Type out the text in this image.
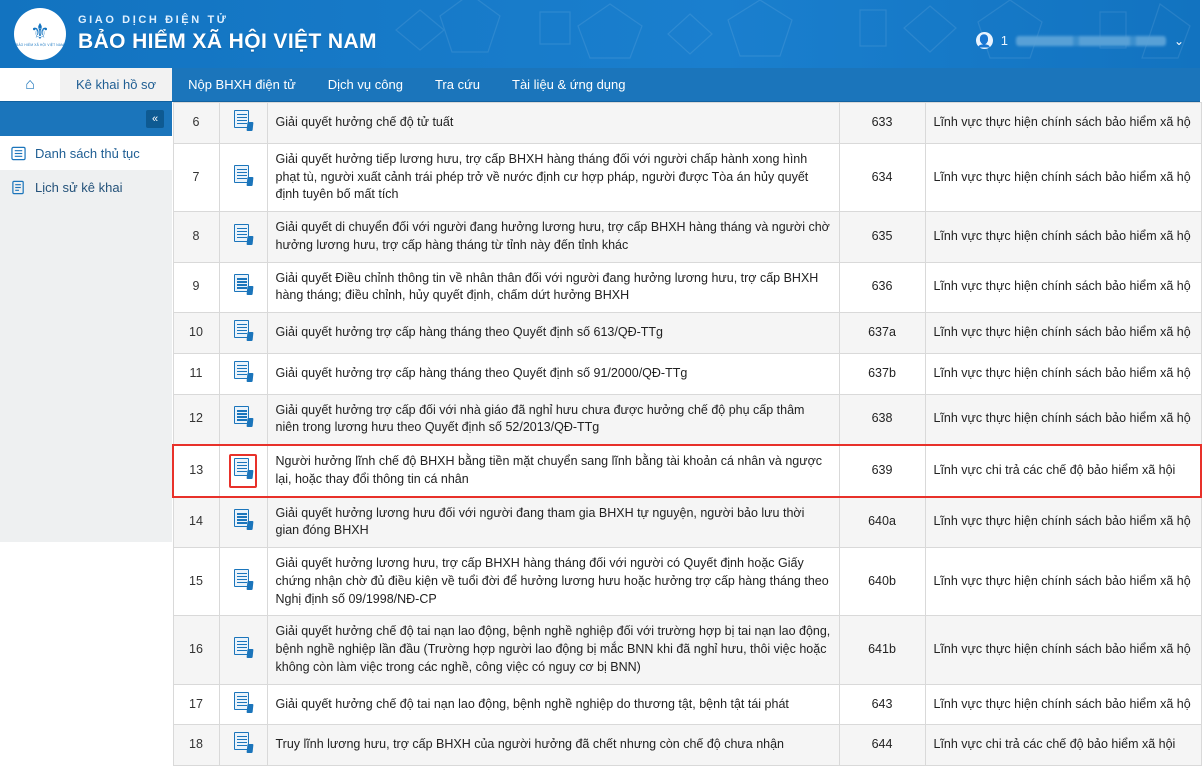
⚜
BẢO HIỂM XÃ HỘI VIỆT NAM
GIAO DỊCH ĐIỆN TỬ
BẢO HIỂM XÃ HỘI VIỆT NAM	👤 1	⌄
⌂	Kê khai hồ sơ Nộp BHXH điện tử Dịch vụ công Tra cứu Tài liệu & ứng dụng
«
Danh sách thủ tục
Lịch sử kê khai
6		Giải quyết hưởng chế độ tử tuất	633	Lĩnh vực thực hiện chính sách bảo hiểm xã hộ
7		Giải quyết hưởng tiếp lương hưu, trợ cấp BHXH hàng tháng đối với người chấp hành xong hình phạt tù, người xuất cảnh trái phép trở về nước định cư hợp pháp, người được Tòa án hủy quyết định tuyên bố mất tích	634	Lĩnh vực thực hiện chính sách bảo hiểm xã hộ
8		Giải quyết di chuyển đối với người đang hưởng lương hưu, trợ cấp BHXH hàng tháng và người chờ hưởng lương hưu, trợ cấp hàng tháng từ tỉnh này đến tỉnh khác	635	Lĩnh vực thực hiện chính sách bảo hiểm xã hộ
9		Giải quyết Điều chỉnh thông tin về nhân thân đối với người đang hưởng lương hưu, trợ cấp BHXH hàng tháng; điều chỉnh, hủy quyết định, chấm dứt hưởng BHXH	636	Lĩnh vực thực hiện chính sách bảo hiểm xã hộ
10		Giải quyết hưởng trợ cấp hàng tháng theo Quyết định số 613/QĐ-TTg	637a	Lĩnh vực thực hiện chính sách bảo hiểm xã hộ
11		Giải quyết hưởng trợ cấp hàng tháng theo Quyết định số 91/2000/QĐ-TTg	637b	Lĩnh vực thực hiện chính sách bảo hiểm xã hộ
12		Giải quyết hưởng trợ cấp đối với nhà giáo đã nghỉ hưu chưa được hưởng chế độ phụ cấp thâm niên trong lương hưu theo Quyết định số 52/2013/QĐ-TTg	638	Lĩnh vực thực hiện chính sách bảo hiểm xã hộ
13		Người hưởng lĩnh chế độ BHXH bằng tiền mặt chuyển sang lĩnh bằng tài khoản cá nhân và ngược lại, hoặc thay đổi thông tin cá nhân	639	Lĩnh vực chi trả các chế độ bảo hiểm xã hội
14		Giải quyết hưởng lương hưu đối với người đang tham gia BHXH tự nguyện, người bảo lưu thời gian đóng BHXH	640a	Lĩnh vực thực hiện chính sách bảo hiểm xã hộ
15		Giải quyết hưởng lương hưu, trợ cấp BHXH hàng tháng đối với người có Quyết định hoặc Giấy chứng nhận chờ đủ điều kiện về tuổi đời để hưởng lương hưu hoặc hưởng trợ cấp hàng tháng theo Nghị định số 09/1998/NĐ-CP	640b	Lĩnh vực thực hiện chính sách bảo hiểm xã hộ
16		Giải quyết hưởng chế độ tai nạn lao động, bệnh nghề nghiệp đối với trường hợp bị tai nạn lao động, bệnh nghề nghiệp lần đầu (Trường hợp người lao động bị mắc BNN khi đã nghỉ hưu, thôi việc hoặc không còn làm việc trong các nghề, công việc có nguy cơ bị BNN)	641b	Lĩnh vực thực hiện chính sách bảo hiểm xã hộ
17		Giải quyết hưởng chế độ tai nạn lao động, bệnh nghề nghiệp do thương tật, bệnh tật tái phát	643	Lĩnh vực thực hiện chính sách bảo hiểm xã hộ
18		Truy lĩnh lương hưu, trợ cấp BHXH của người hưởng đã chết nhưng còn chế độ chưa nhận	644	Lĩnh vực chi trả các chế độ bảo hiểm xã hội
